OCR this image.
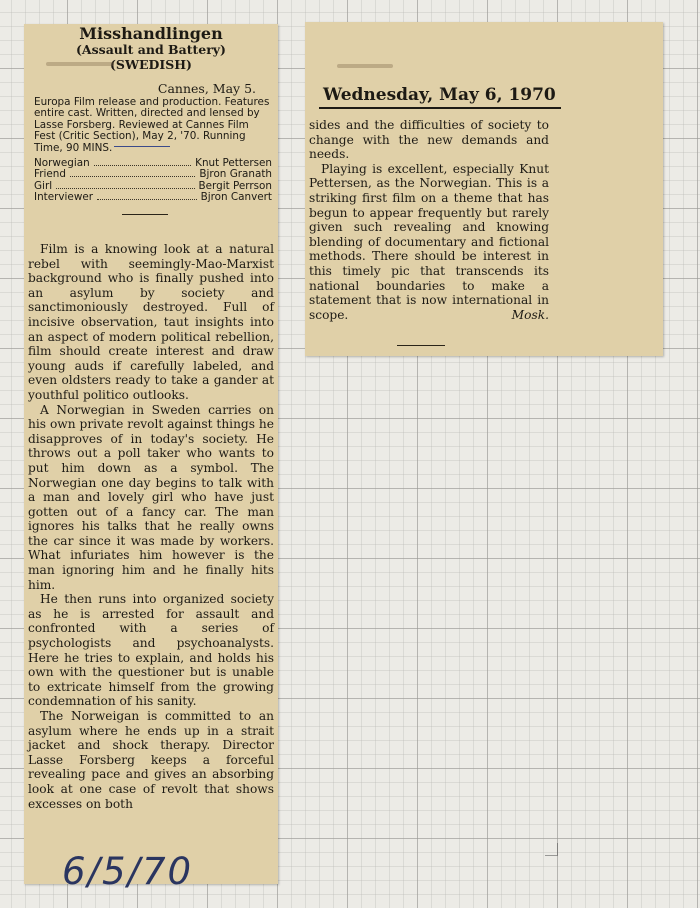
Misshandlingen
(Assault and Battery)
(SWEDISH)
Cannes, May 5.
Europa Film release and production. Features entire cast. Written, directed and lensed by Lasse Forsberg. Reviewed at Cannes Film Fest (Critic Section), May 2, '70. Running Time, 90 MINS.
Norwegian	Knut Pettersen
Friend	Bjron Granath
Girl	Bergit Perrson
Interviewer	Bjron Canvert

Film is a knowing look at a natural rebel with seemingly-Mao-Marxist background who is finally pushed into an asylum by society and sanctimoniously destroyed. Full of incisive observation, taut insights into an aspect of modern political rebellion, film should create interest and draw young auds if carefully labeled, and even oldsters ready to take a gander at youthful politico outlooks.

A Norwegian in Sweden carries on his own private revolt against things he disapproves of in today's society. He throws out a poll taker who wants to put him down as a symbol. The Norwegian one day begins to talk with a man and lovely girl who have just gotten out of a fancy car. The man ignores his talks that he really owns the car since it was made by workers. What infuriates him however is the man ignoring him and he finally hits him.

He then runs into organized society as he is arrested for assault and confronted with a series of psychologists and psychoanalysts. Here he tries to explain, and holds his own with the questioner but is unable to extricate himself from the growing condemnation of his sanity.

The Norweigan is committed to an asylum where he ends up in a strait jacket and shock therapy. Director Lasse Forsberg keeps a forceful revealing pace and gives an absorbing look at one case of revolt that shows excesses on both

6/5/70
Wednesday, May 6, 1970

sides and the difficulties of society to change with the new demands and needs.

Playing is excellent, especially Knut Pettersen, as the Norwegian. This is a striking first film on a theme that has begun to appear frequently but rarely given such revealing and knowing blending of documentary and fictional methods. There should be interest in this timely pic that transcends its national boundaries to make a statement that is now international in scope.	Mosk.
